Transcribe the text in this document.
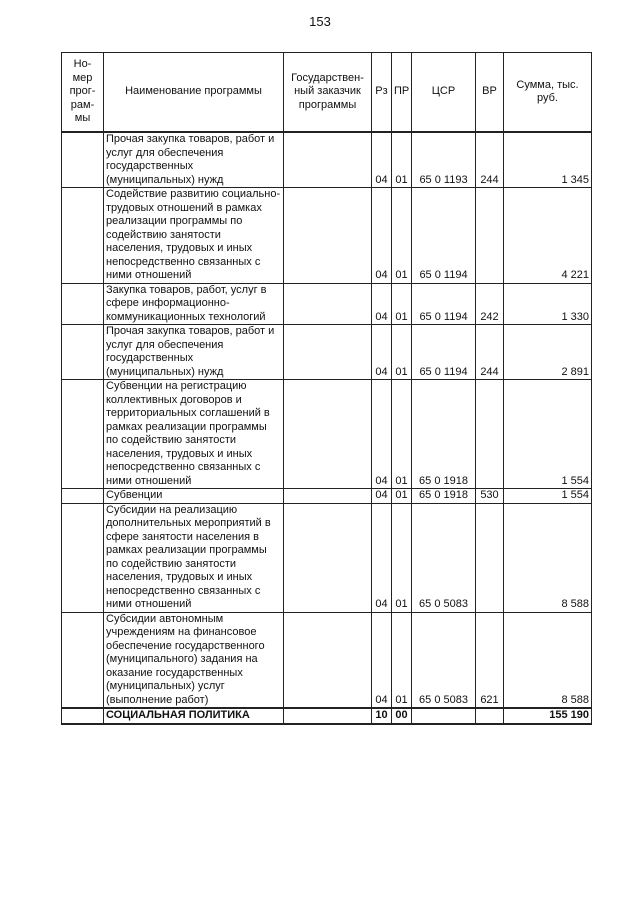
153
Но-мер прог-рам-мы	Наименование программы	Государствен-ный заказчик программы	Рз	ПР	ЦСР	ВР	Сумма, тыс. руб.
	Прочая закупка товаров, работ и услуг для обеспечения государственных (муниципальных) нужд		04	01	65 0 1193	244	1 345
	Содействие развитию социально-трудовых отношений в рамках реализации программы по содействию занятости населения, трудовых и иных непосредственно связанных с ними отношений		04	01	65 0 1194		4 221
	Закупка товаров, работ, услуг в сфере информационно-коммуникационных технологий		04	01	65 0 1194	242	1 330
	Прочая закупка товаров, работ и услуг для обеспечения государственных (муниципальных) нужд		04	01	65 0 1194	244	2 891
	Субвенции на регистрацию коллективных договоров и территориальных соглашений в рамках реализации программы по содействию занятости населения, трудовых и иных непосредственно связанных с ними отношений		04	01	65 0 1918		1 554
	Субвенции		04	01	65 0 1918	530	1 554
	Субсидии на реализацию дополнительных мероприятий в сфере занятости населения в рамках реализации программы по содействию занятости населения, трудовых и иных непосредственно связанных с ними отношений		04	01	65 0 5083		8 588
	Субсидии автономным учреждениям на финансовое обеспечение государственного (муниципального) задания на оказание государственных (муниципальных) услуг (выполнение работ)		04	01	65 0 5083	621	8 588
	СОЦИАЛЬНАЯ ПОЛИТИКА		10	00			155 190
